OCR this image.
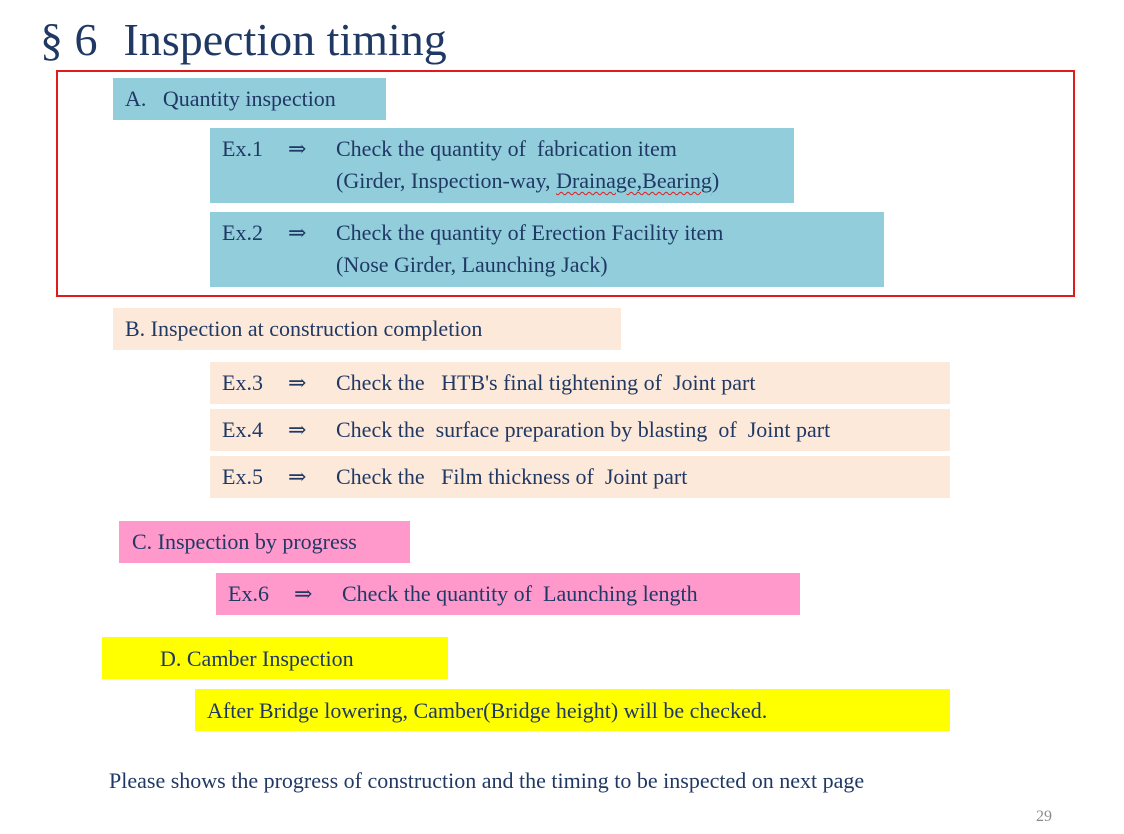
§ 6 Inspection timing
A.   Quantity inspection
Ex.1	⇒	Check the quantity of  fabrication item
(Girder, Inspection-way, Drainage,Bearing)
Ex.2	⇒	Check the quantity of Erection Facility item
(Nose Girder, Launching Jack)
B. Inspection at construction completion
Ex.3	⇒	Check the   HTB's final tightening of  Joint part
Ex.4	⇒	Check the  surface preparation by blasting  of  Joint part
Ex.5	⇒	Check the   Film thickness of  Joint part
C. Inspection by progress
Ex.6	⇒	Check the quantity of  Launching length
D. Camber Inspection
After Bridge lowering, Camber(Bridge height) will be checked.
Please shows the progress of construction and the timing to be inspected on next page
29
